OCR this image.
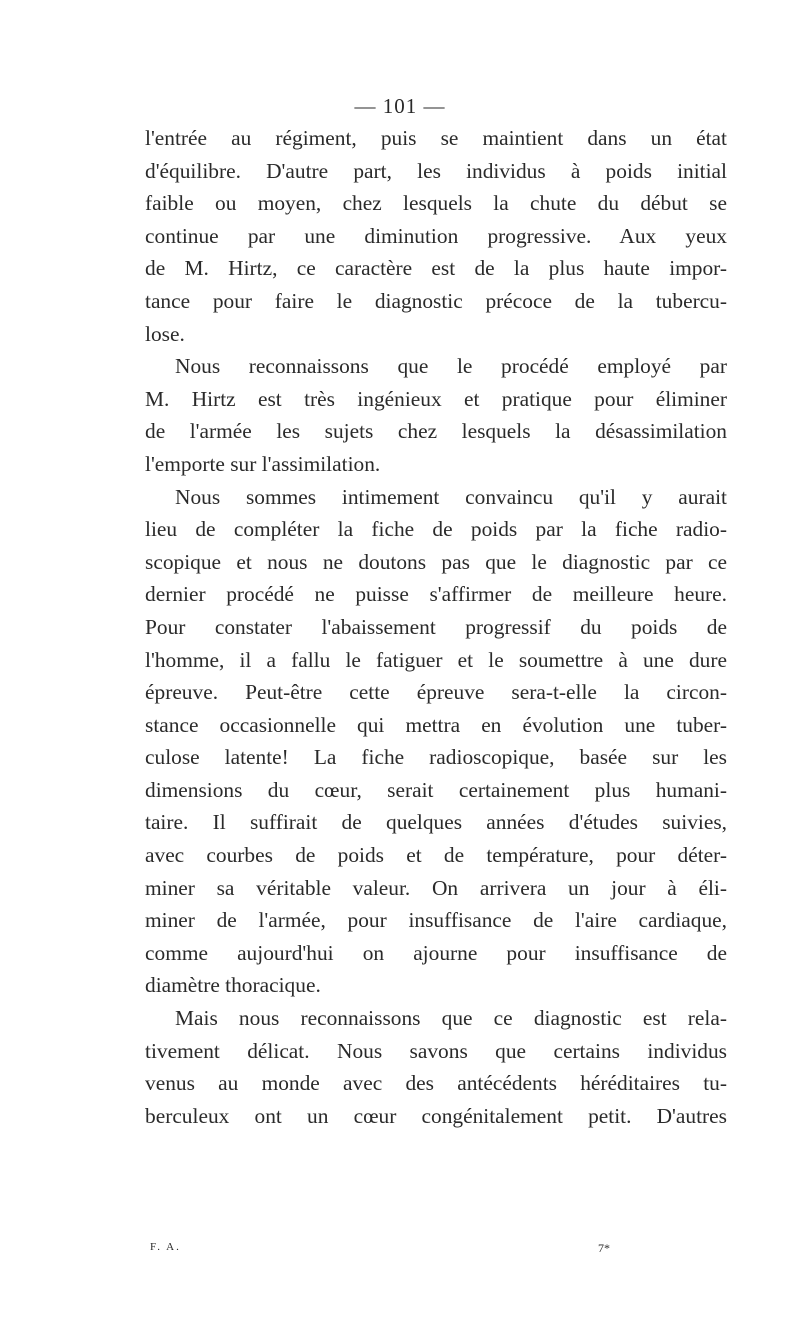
— 101 —
l'entrée au régiment, puis se maintient dans un état
d'équilibre. D'autre part, les individus à poids initial
faible ou moyen, chez lesquels la chute du début se
continue par une diminution progressive. Aux yeux
de M. Hirtz, ce caractère est de la plus haute impor-
tance pour faire le diagnostic précoce de la tubercu-
lose.
Nous reconnaissons que le procédé employé par
M. Hirtz est très ingénieux et pratique pour éliminer
de l'armée les sujets chez lesquels la désassimilation
l'emporte sur l'assimilation.
Nous sommes intimement convaincu qu'il y aurait
lieu de compléter la fiche de poids par la fiche radio-
scopique et nous ne doutons pas que le diagnostic par ce
dernier procédé ne puisse s'affirmer de meilleure heure.
Pour constater l'abaissement progressif du poids de
l'homme, il a fallu le fatiguer et le soumettre à une dure
épreuve. Peut-être cette épreuve sera-t-elle la circon-
stance occasionnelle qui mettra en évolution une tuber-
culose latente! La fiche radioscopique, basée sur les
dimensions du cœur, serait certainement plus humani-
taire. Il suffirait de quelques années d'études suivies,
avec courbes de poids et de température, pour déter-
miner sa véritable valeur. On arrivera un jour à éli-
miner de l'armée, pour insuffisance de l'aire cardiaque,
comme aujourd'hui on ajourne pour insuffisance de
diamètre thoracique.
Mais nous reconnaissons que ce diagnostic est rela-
tivement délicat. Nous savons que certains individus
venus au monde avec des antécédents héréditaires tu-
berculeux ont un cœur congénitalement petit. D'autres
F. A.	7*
